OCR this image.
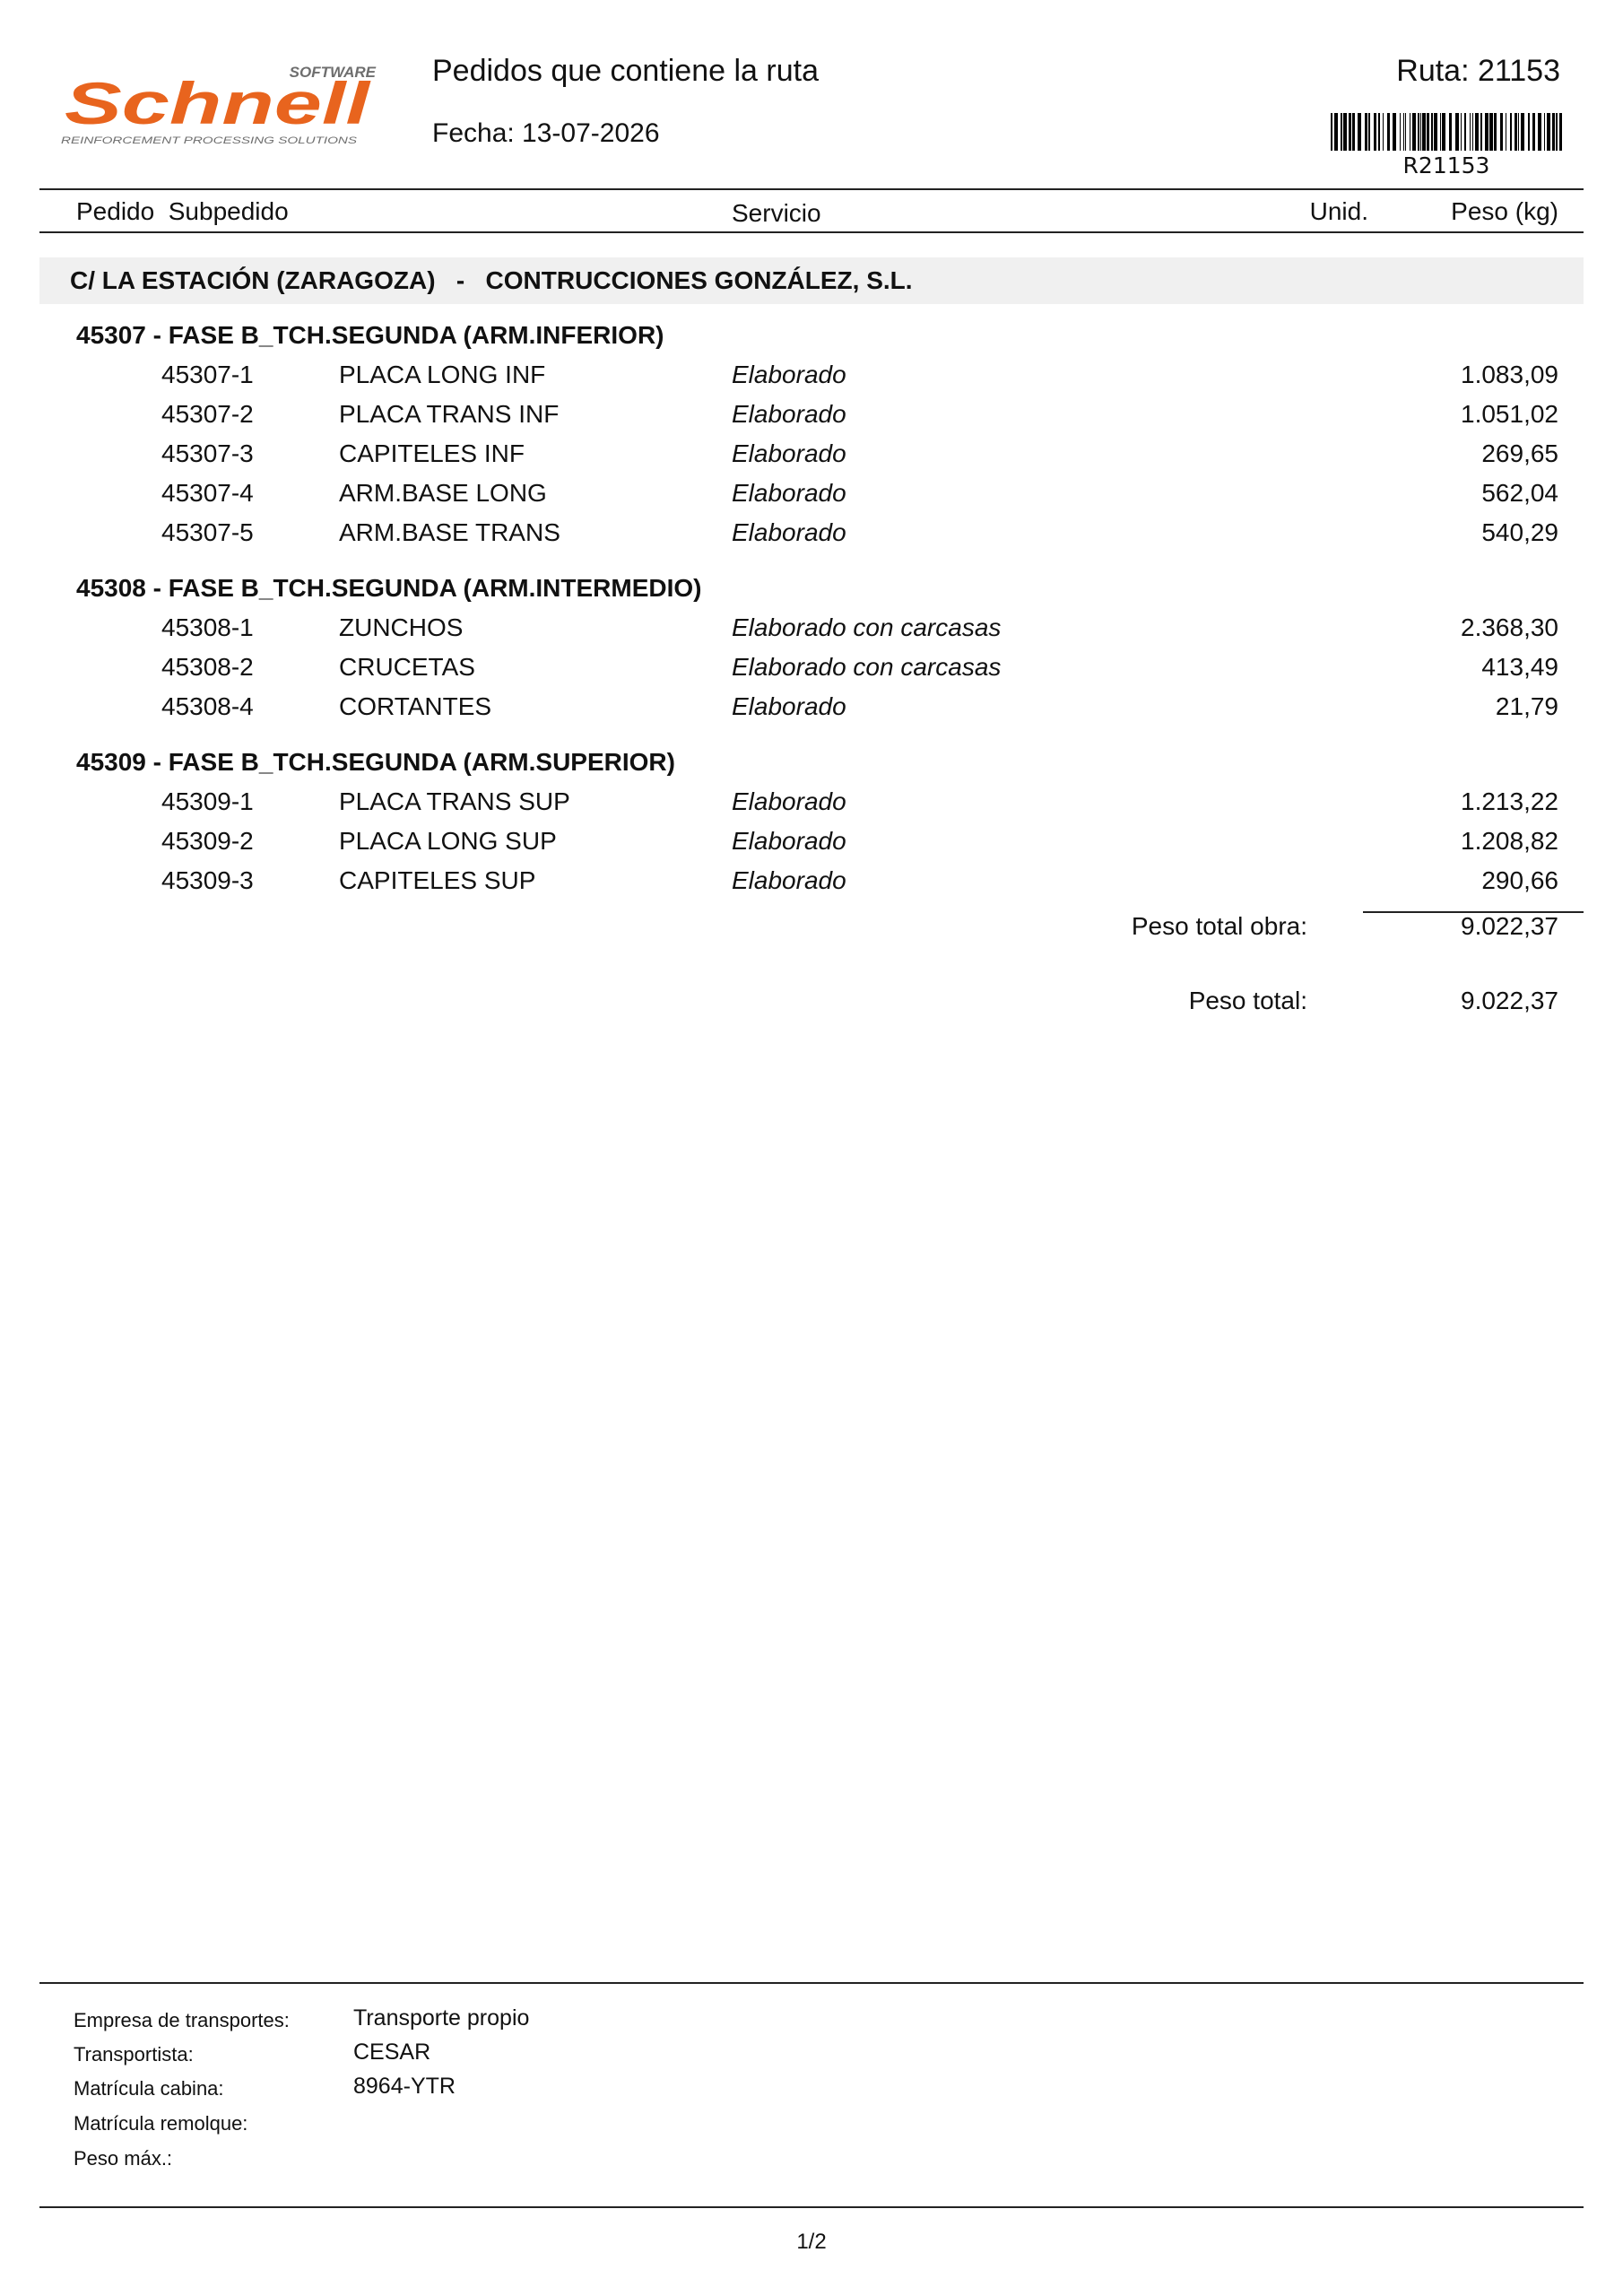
SOFTWARE
Schnell
REINFORCEMENT PROCESSING SOLUTIONS
Pedidos que contiene la ruta
Fecha: 13-07-2026
Ruta: 21153
R21153
Pedido  Subpedido	Servicio	Unid.	Peso (kg)
C/ LA ESTACIÓN (ZARAGOZA) - CONTRUCCIONES GONZÁLEZ, S.L.
45307 - FASE B_TCH.SEGUNDA (ARM.INFERIOR)
45307-1	PLACA LONG INF	Elaborado	1.083,09
45307-2	PLACA TRANS INF	Elaborado	1.051,02
45307-3	CAPITELES INF	Elaborado	269,65
45307-4	ARM.BASE LONG	Elaborado	562,04
45307-5	ARM.BASE TRANS	Elaborado	540,29
45308 - FASE B_TCH.SEGUNDA (ARM.INTERMEDIO)
45308-1	ZUNCHOS	Elaborado con carcasas	2.368,30
45308-2	CRUCETAS	Elaborado con carcasas	413,49
45308-4	CORTANTES	Elaborado	21,79
45309 - FASE B_TCH.SEGUNDA (ARM.SUPERIOR)
45309-1	PLACA TRANS SUP	Elaborado	1.213,22
45309-2	PLACA LONG SUP	Elaborado	1.208,82
45309-3	CAPITELES SUP	Elaborado	290,66
Peso total obra:	9.022,37
Peso total:	9.022,37
Empresa de transportes:	Transporte propio
Transportista:	CESAR
Matrícula cabina:	8964-YTR
Matrícula remolque:
Peso máx.:
1/2
